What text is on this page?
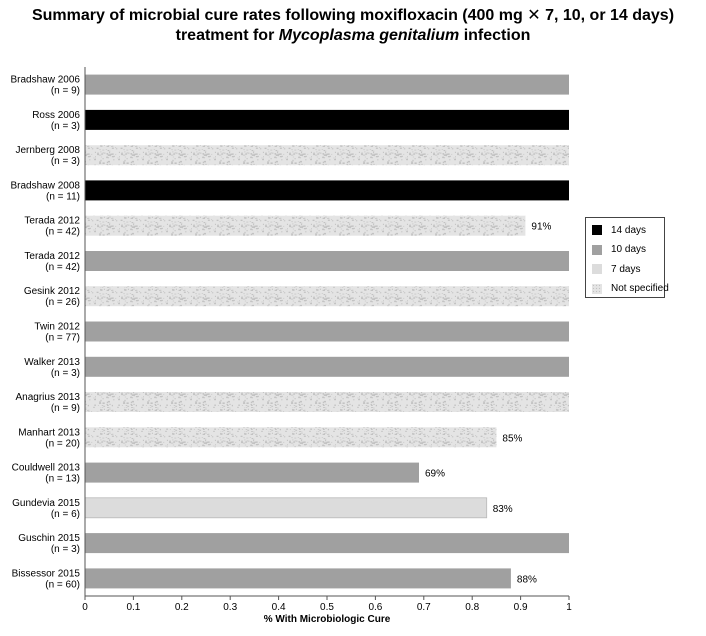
Summary of microbial cure rates following moxifloxacin (400 mg ✕ 7, 10, or 14 days)
treatment for Mycoplasma genitalium infection
91%
85%
69%
83%
88%
Bradshaw 2006
(n = 9)
Ross 2006
(n = 3)
Jernberg 2008
(n = 3)
Bradshaw 2008
(n = 11)
Terada 2012
(n = 42)
Terada 2012
(n = 42)
Gesink 2012
(n = 26)
Twin 2012
(n = 77)
Walker 2013
(n = 3)
Anagrius 2013
(n = 9)
Manhart 2013
(n = 20)
Couldwell 2013
(n = 13)
Gundevia 2015
(n = 6)
Guschin 2015
(n = 3)
Bissessor 2015
(n = 60)
0	0.1	0.2	0.3	0.4	0.5	0.6	0.7	0.8	0.9	1
% With Microbiologic Cure
14 days
10 days
7 days
Not specified
